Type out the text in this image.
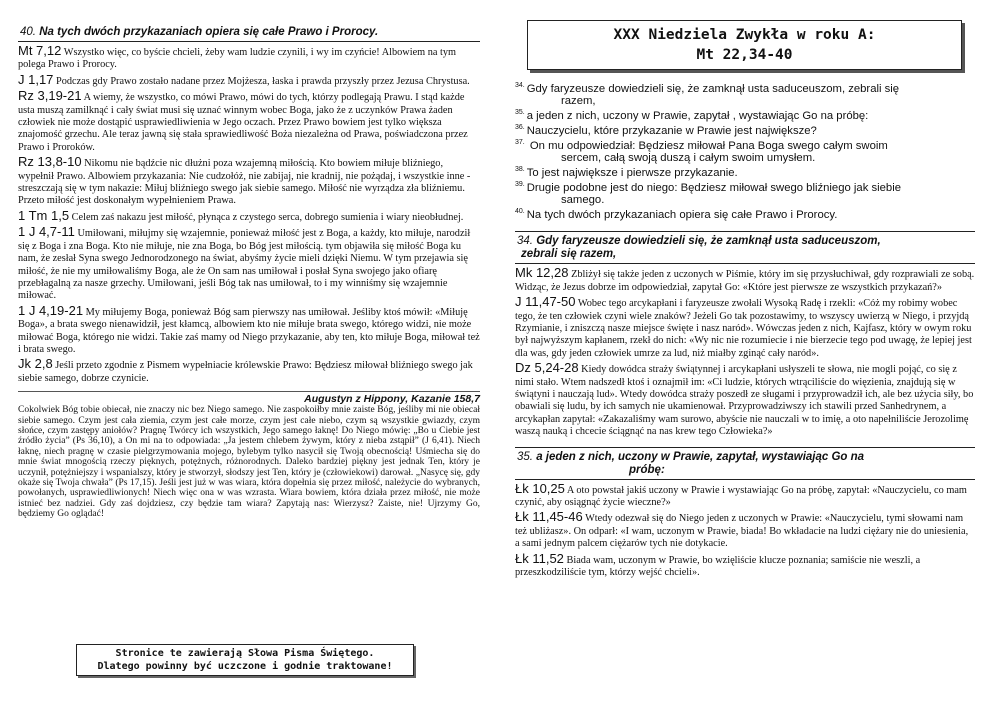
40. Na tych dwóch przykazaniach opiera się całe Prawo i Prorocy.
Mt 7,12 Wszystko więc, co byście chcieli, żeby wam ludzie czynili, i wy im czyńcie! Albowiem na tym polega Prawo i Prorocy.
J 1,17 Podczas gdy Prawo zostało nadane przez Mojżesza, łaska i prawda przyszły przez Jezusa Chrystusa.
Rz 3,19-21 A wiemy, że wszystko, co mówi Prawo, mówi do tych, którzy podlegają Prawu. I stąd każde usta muszą zamilknąć i cały świat musi się uznać winnym wobec Boga, jako że z uczynków Prawa żaden człowiek nie może dostąpić usprawiedliwienia w Jego oczach. Przez Prawo bowiem jest tylko większa znajomość grzechu. Ale teraz jawną się stała sprawiedliwość Boża niezależna od Prawa, poświadczona przez Prawo i Proroków.
Rz 13,8-10 Nikomu nie bądźcie nic dłużni poza wzajemną miłością. Kto bowiem miłuje bliźniego, wypełnił Prawo. Albowiem przykazania: Nie cudzołóż, nie zabijaj, nie kradnij, nie pożądaj, i wszystkie inne - streszczają się w tym nakazie: Miłuj bliźniego swego jak siebie samego. Miłość nie wyrządza zła bliźniemu. Przeto miłość jest doskonałym wypełnieniem Prawa.
1 Tm 1,5 Celem zaś nakazu jest miłość, płynąca z czystego serca, dobrego sumienia i wiary nieobłudnej.
1 J 4,7-11 Umiłowani, miłujmy się wzajemnie, ponieważ miłość jest z Boga, a każdy, kto miłuje, narodził się z Boga i zna Boga. Kto nie miłuje, nie zna Boga, bo Bóg jest miłością. tym objawiła się miłość Boga ku nam, że zesłał Syna swego Jednorodzonego na świat, abyśmy życie mieli dzięki Niemu. W tym przejawia się miłość, że nie my umiłowaliśmy Boga, ale że On sam nas umiłował i posłał Syna swojego jako ofiarę przebłagalną za nasze grzechy. Umiłowani, jeśli Bóg tak nas umiłował, to i my winniśmy się wzajemnie miłować.
1 J 4,19-21 My miłujemy Boga, ponieważ Bóg sam pierwszy nas umiłował. Jeśliby ktoś mówił: «Miłuję Boga», a brata swego nienawidził, jest kłamcą, albowiem kto nie miłuje brata swego, którego widzi, nie może miłować Boga, którego nie widzi. Takie zaś mamy od Niego przykazanie, aby ten, kto miłuje Boga, miłował też i brata swego.
Jk 2,8 Jeśli przeto zgodnie z Pismem wypełniacie królewskie Prawo: Będziesz miłował bliźniego swego jak siebie samego, dobrze czynicie.
Augustyn z Hippony, Kazanie 158,7
Cokolwiek Bóg tobie obiecał, nie znaczy nic bez Niego samego. Nie zaspokoiłby mnie zaiste Bóg, jeśliby mi nie obiecał siebie samego. Czym jest cała ziemia, czym jest całe morze, czym jest całe niebo, czym są wszystkie gwiazdy, czym słońce, czym zastępy aniołów? Pragnę Twórcy ich wszystkich, Jego samego łaknę! Do Niego mówię: „Bo u Ciebie jest źródło życia” (Ps 36,10), a On mi na to odpowiada: „Ja jestem chlebem żywym, który z nieba zstąpił” (J 6,41). Niech łaknę, niech pragnę w czasie pielgrzymowania mojego, bylebym tylko nasycił się Twoją obecnością! Uśmiecha się do mnie świat mnogością rzeczy pięknych, potężnych, różnorodnych. Daleko bardziej piękny jest jednak Ten, który je uczynił, potężniejszy i wspanialszy, który je stworzył, słodszy jest Ten, który je (człowiekowi) darował. „Nasycę się, gdy okaże się Twoja chwała” (Ps 17,15). Jeśli jest już w was wiara, która dopełnia się przez miłość, należycie do wybranych, powołanych, usprawiedliwionych! Niech więc ona w was wzrasta. Wiara bowiem, która działa przez miłość, nie może istnieć bez nadziei. Gdy zaś dojdziesz, czy będzie tam wiara? Zapytają nas: Wierzysz? Zaiste, nie! Ujrzymy Go, będziemy Go oglądać!
Stronice te zawierają Słowa Pisma Świętego.
Dlatego powinny być uczczone i godnie traktowane!
XXX Niedziela Zwykła w roku A:
Mt 22,34-40
$^{34.}$ Gdy faryzeusze dowiedzieli się, że zamknął usta saduceuszom, zebrali się
razem,
$^{35.}$ a jeden z nich, uczony w Prawie, zapytał , wystawiając Go na próbę:
$^{36.}$ Nauczycielu, które przykazanie w Prawie jest największe?
$^{37.}$ On mu odpowiedział: Będziesz miłował Pana Boga swego całym swoim
sercem, całą swoją duszą i całym swoim umysłem.
$^{38.}$ To jest największe i pierwsze przykazanie.
$^{39.}$ Drugie podobne jest do niego: Będziesz miłował swego bliźniego jak siebie
samego.
$^{40.}$ Na tych dwóch przykazaniach opiera się całe Prawo i Prorocy.
34. Gdy faryzeusze dowiedzieli się, że zamknął usta saduceuszom,
zebrali się razem,
Mk 12,28 Zbliżył się także jeden z uczonych w Piśmie, który im się przysłuchiwał, gdy rozprawiali ze sobą. Widząc, że Jezus dobrze im odpowiedział, zapytał Go: «Które jest pierwsze ze wszystkich przykazań?»
J 11,47-50 Wobec tego arcykapłani i faryzeusze zwołali Wysoką Radę i rzekli: «Cóż my robimy wobec tego, że ten człowiek czyni wiele znaków? Jeżeli Go tak pozostawimy, to wszyscy uwierzą w Niego, i przyjdą Rzymianie, i zniszczą nasze miejsce święte i nasz naród». Wówczas jeden z nich, Kajfasz, który w owym roku był najwyższym kapłanem, rzekł do nich: «Wy nic nie rozumiecie i nie bierzecie tego pod uwagę, że lepiej jest dla was, gdy jeden człowiek umrze za lud, niż miałby zginąć cały naród».
Dz 5,24-28 Kiedy dowódca straży świątynnej i arcykapłani usłyszeli te słowa, nie mogli pojąć, co się z nimi stało. Wtem nadszedł ktoś i oznajmił im: «Ci ludzie, których wtrąciliście do więzienia, znajdują się w świątyni i nauczają lud». Wtedy dowódca straży poszedł ze sługami i przyprowadził ich, ale bez użycia siły, bo obawiali się ludu, by ich samych nie ukamienował. Przyprowadziwszy ich stawili przed Sanhedrynem, a arcykapłan zapytał: «Zakazaliśmy wam surowo, abyście nie nauczali w to imię, a oto napełniliście Jerozolimę waszą nauką i chcecie ściągnąć na nas krew tego Człowieka?»
35. a jeden z nich, uczony w Prawie, zapytał, wystawiając Go na
próbę:
Łk 10,25 A oto powstał jakiś uczony w Prawie i wystawiając Go na próbę, zapytał: «Nauczycielu, co mam czynić, aby osiągnąć życie wieczne?»
Łk 11,45-46 Wtedy odezwał się do Niego jeden z uczonych w Prawie: «Nauczycielu, tymi słowami nam też ubliżasz». On odparł: «I wam, uczonym w Prawie, biada! Bo wkładacie na ludzi ciężary nie do uniesienia, a sami jednym palcem ciężarów tych nie dotykacie.
Łk 11,52 Biada wam, uczonym w Prawie, bo wzięliście klucze poznania; samiście nie weszli, a przeszkodziliście tym, którzy wejść chcieli».
